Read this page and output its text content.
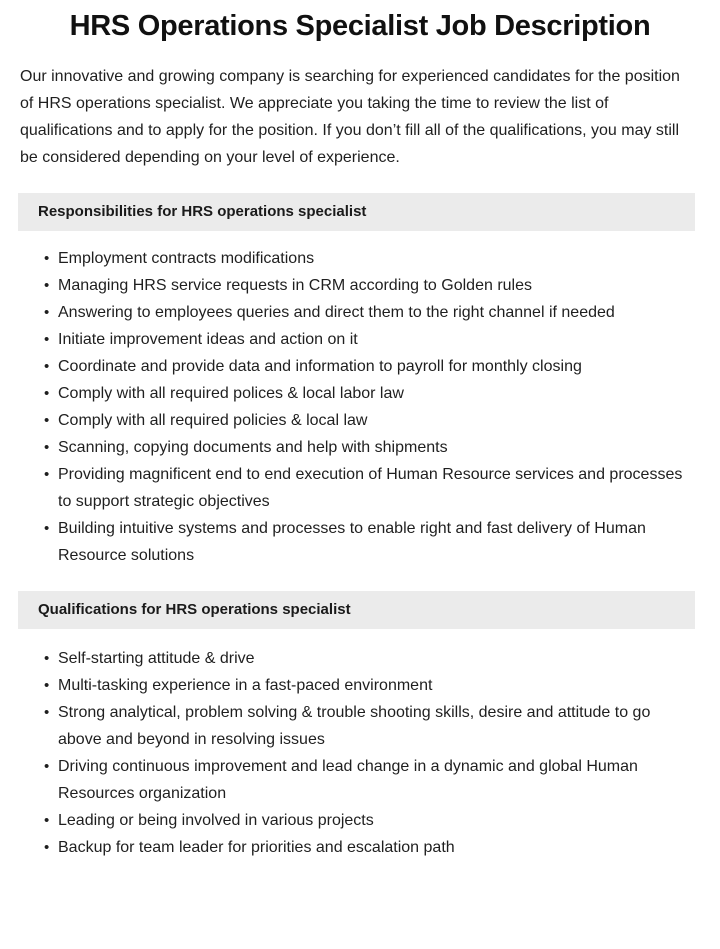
HRS Operations Specialist Job Description

Our innovative and growing company is searching for experienced candidates for the position of HRS operations specialist. We appreciate you taking the time to review the list of qualifications and to apply for the position. If you don’t fill all of the qualifications, you may still be considered depending on your level of experience.

Responsibilities for HRS operations specialist
• Employment contracts modifications
• Managing HRS service requests in CRM according to Golden rules
• Answering to employees queries and direct them to the right channel if needed
• Initiate improvement ideas and action on it
• Coordinate and provide data and information to payroll for monthly closing
• Comply with all required polices & local labor law
• Comply with all required policies & local law
• Scanning, copying documents and help with shipments
• Providing magnificent end to end execution of Human Resource services and processes to support strategic objectives
• Building intuitive systems and processes to enable right and fast delivery of Human Resource solutions
Qualifications for HRS operations specialist
• Self-starting attitude & drive
• Multi-tasking experience in a fast-paced environment
• Strong analytical, problem solving & trouble shooting skills, desire and attitude to go above and beyond in resolving issues
• Driving continuous improvement and lead change in a dynamic and global Human Resources organization
• Leading or being involved in various projects
• Backup for team leader for priorities and escalation path
